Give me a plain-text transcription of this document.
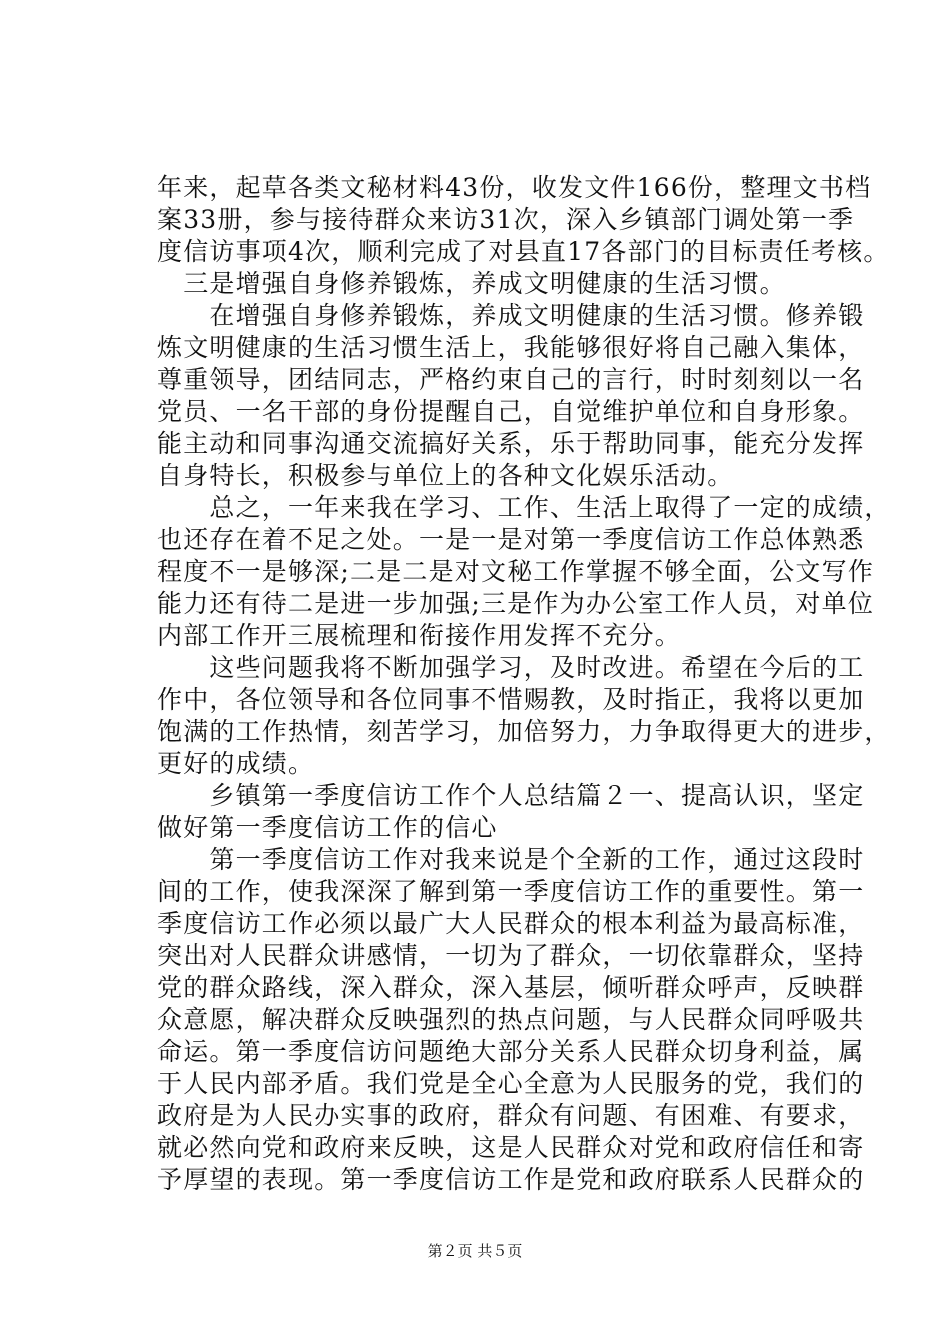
年来，起草各类文秘材料43份，收发文件166份，整理文书档
案33册，参与接待群众来访31次，深入乡镇部门调处第一季
度信访事项4次，顺利完成了对县直17各部门的目标责任考核。
　三是增强自身修养锻炼，养成文明健康的生活习惯。
　　在增强自身修养锻炼，养成文明健康的生活习惯。修养锻
炼文明健康的生活习惯生活上，我能够很好将自己融入集体，
尊重领导，团结同志，严格约束自己的言行，时时刻刻以一名
党员、一名干部的身份提醒自己，自觉维护单位和自身形象。
能主动和同事沟通交流搞好关系，乐于帮助同事，能充分发挥
自身特长，积极参与单位上的各种文化娱乐活动。
　　总之，一年来我在学习、工作、生活上取得了一定的成绩，
也还存在着不足之处。一是一是对第一季度信访工作总体熟悉
程度不一是够深;二是二是对文秘工作掌握不够全面，公文写作
能力还有待二是进一步加强;三是作为办公室工作人员，对单位
内部工作开三展梳理和衔接作用发挥不充分。
　　这些问题我将不断加强学习，及时改进。希望在今后的工
作中，各位领导和各位同事不惜赐教，及时指正，我将以更加
饱满的工作热情，刻苦学习，加倍努力，力争取得更大的进步，
更好的成绩。
　　乡镇第一季度信访工作个人总结篇２一、提高认识，坚定
做好第一季度信访工作的信心
　　第一季度信访工作对我来说是个全新的工作，通过这段时
间的工作，使我深深了解到第一季度信访工作的重要性。第一
季度信访工作必须以最广大人民群众的根本利益为最高标准，
突出对人民群众讲感情，一切为了群众，一切依靠群众，坚持
党的群众路线，深入群众，深入基层，倾听群众呼声，反映群
众意愿，解决群众反映强烈的热点问题，与人民群众同呼吸共
命运。第一季度信访问题绝大部分关系人民群众切身利益，属
于人民内部矛盾。我们党是全心全意为人民服务的党，我们的
政府是为人民办实事的政府，群众有问题、有困难、有要求，
就必然向党和政府来反映，这是人民群众对党和政府信任和寄
予厚望的表现。第一季度信访工作是党和政府联系人民群众的
第２页 共５页
